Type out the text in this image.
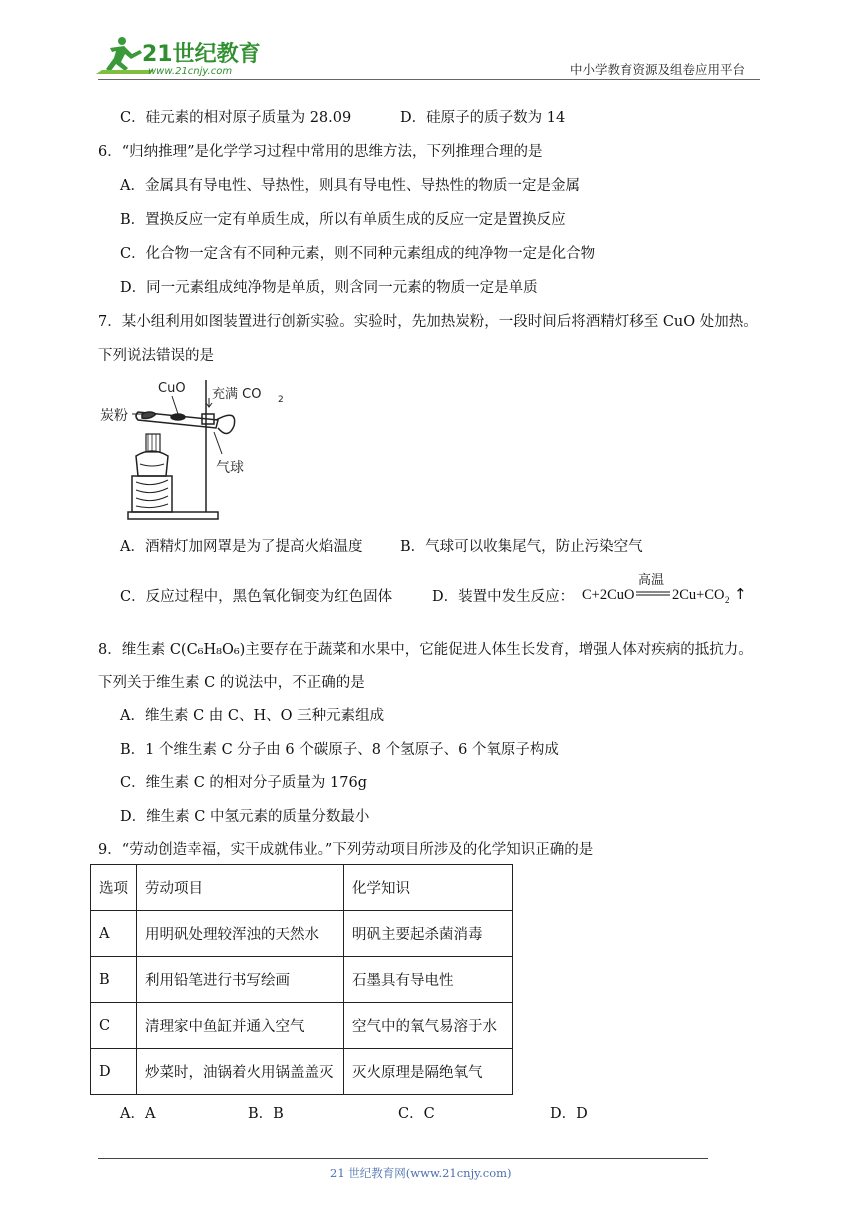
21世纪教育
www.21cnjy.com	中小学教育资源及组卷应用平台
C．硅元素的相对原子质量为 28.09	D．硅原子的质子数为 14
6．“归纳推理”是化学学习过程中常用的思维方法，下列推理合理的是
A．金属具有导电性、导热性，则具有导电性、导热性的物质一定是金属
B．置换反应一定有单质生成，所以有单质生成的反应一定是置换反应
C．化合物一定含有不同种元素，则不同种元素组成的纯净物一定是化合物
D．同一元素组成纯净物是单质，则含同一元素的物质一定是单质
7．某小组利用如图装置进行创新实验。实验时，先加热炭粉，一段时间后将酒精灯移至 CuO 处加热。
下列说法错误的是
CuO 充满 CO 2
炭粉
气球
A．酒精灯加网罩是为了提高火焰温度	B．气球可以收集尾气，防止污染空气
C．反应过程中，黑色氧化铜变为红色固体	D．装置中发生反应： C+2CuO
高温
2Cu+CO 2 ↑
8．维生素 C(C₆H₈O₆)主要存在于蔬菜和水果中，它能促进人体生长发育，增强人体对疾病的抵抗力。
下列关于维生素 C 的说法中，不正确的是
A．维生素 C 由 C、H、O 三种元素组成
B．1 个维生素 C 分子由 6 个碳原子、8 个氢原子、6 个氧原子构成
C．维生素 C 的相对分子质量为 176g
D．维生素 C 中氢元素的质量分数最小
9．“劳动创造幸福，实干成就伟业。”下列劳动项目所涉及的化学知识正确的是
选项	劳动项目	化学知识
A	用明矾处理较浑浊的天然水	明矾主要起杀菌消毒
B	利用铅笔进行书写绘画	石墨具有导电性
C	清理家中鱼缸并通入空气	空气中的氧气易溶于水
D	炒菜时，油锅着火用锅盖盖灭	灭火原理是隔绝氧气
A．A	B．B	C．C	D．D
21 世纪教育网(www.21cnjy.com)
